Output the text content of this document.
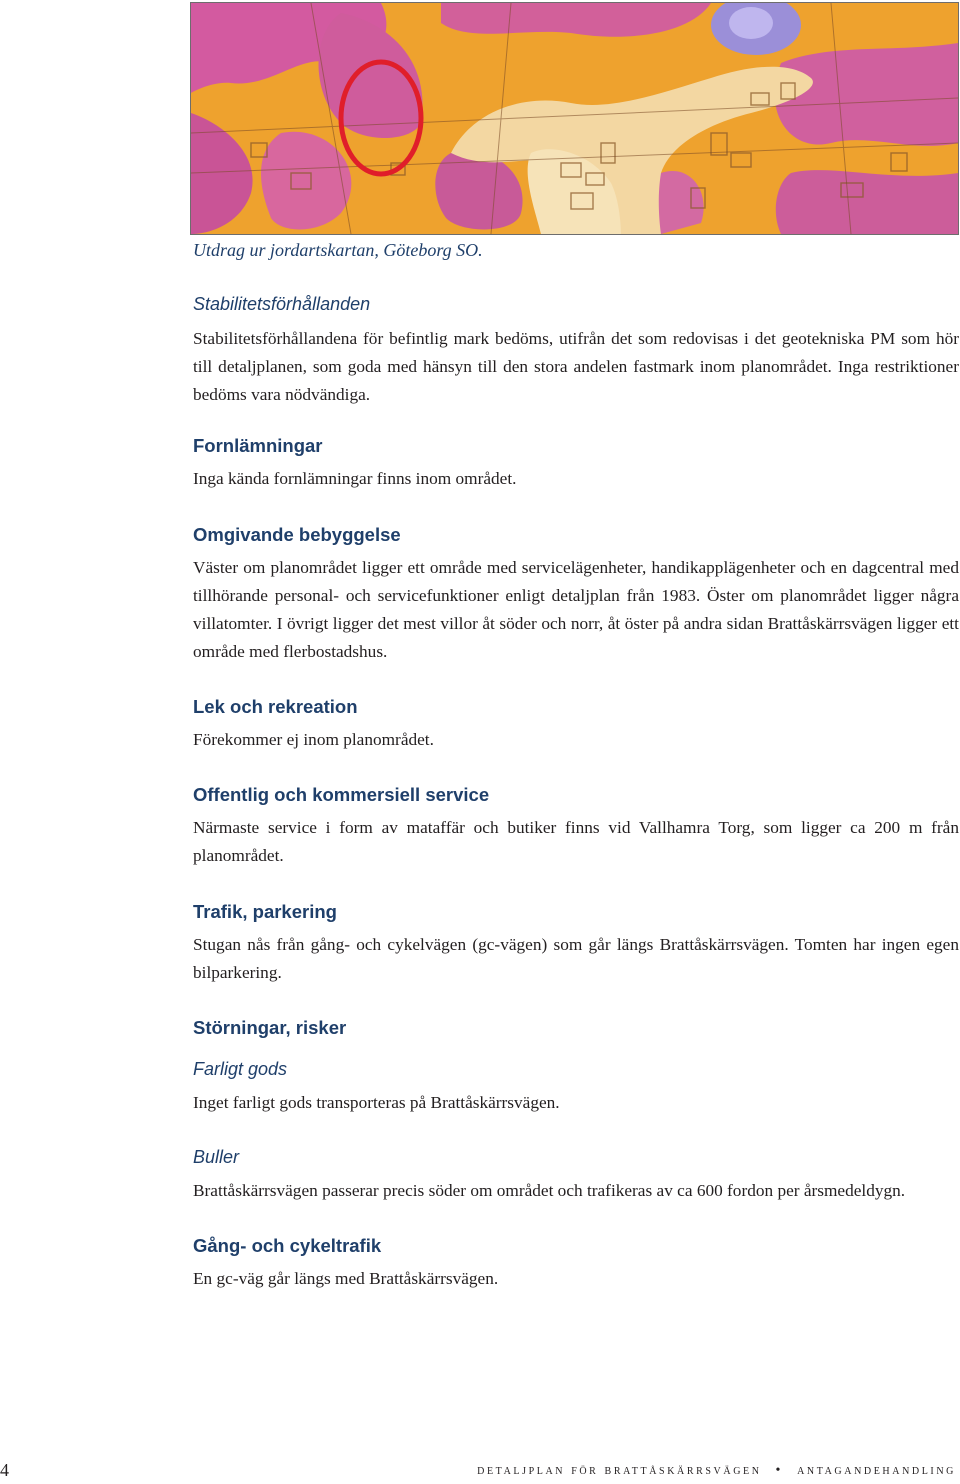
Utdrag ur jordartskartan, Göteborg SO.
Stabilitetsförhållanden
Stabilitetsförhållandena för befintlig mark bedöms, utifrån det som redovisas i det geotekniska PM som hör till detaljplanen, som goda med hänsyn till den stora andelen fastmark inom planområdet. Inga restriktioner bedöms vara nödvändiga.
Fornlämningar
Inga kända fornlämningar finns inom området.
Omgivande bebyggelse
Väster om planområdet ligger ett område med servicelägenheter, handikapplägenheter och en dagcentral med tillhörande personal- och servicefunktioner enligt detaljplan från 1983. Öster om planområdet ligger några villatomter. I övrigt ligger det mest villor åt söder och norr, åt öster på andra sidan Brattåskärrsvägen ligger ett område med flerbostadshus.
Lek och rekreation
Förekommer ej inom planområdet.
Offentlig och kommersiell service
Närmaste service i form av mataffär och butiker finns vid Vallhamra Torg, som ligger ca 200 m från planområdet.
Trafik, parkering
Stugan nås från gång- och cykelvägen (gc-vägen) som går längs Brattåskärrsvägen. Tomten har ingen egen bilparkering.
Störningar, risker
Farligt gods
Inget farligt gods transporteras på Brattåskärrsvägen.
Buller
Brattåskärrsvägen passerar precis söder om området och trafikeras av ca 600 fordon per årsmedeldygn.
Gång- och cykeltrafik
En gc-väg går längs med Brattåskärrsvägen.
4	detaljplan för brattåskärrsvägen • antagandehandling
